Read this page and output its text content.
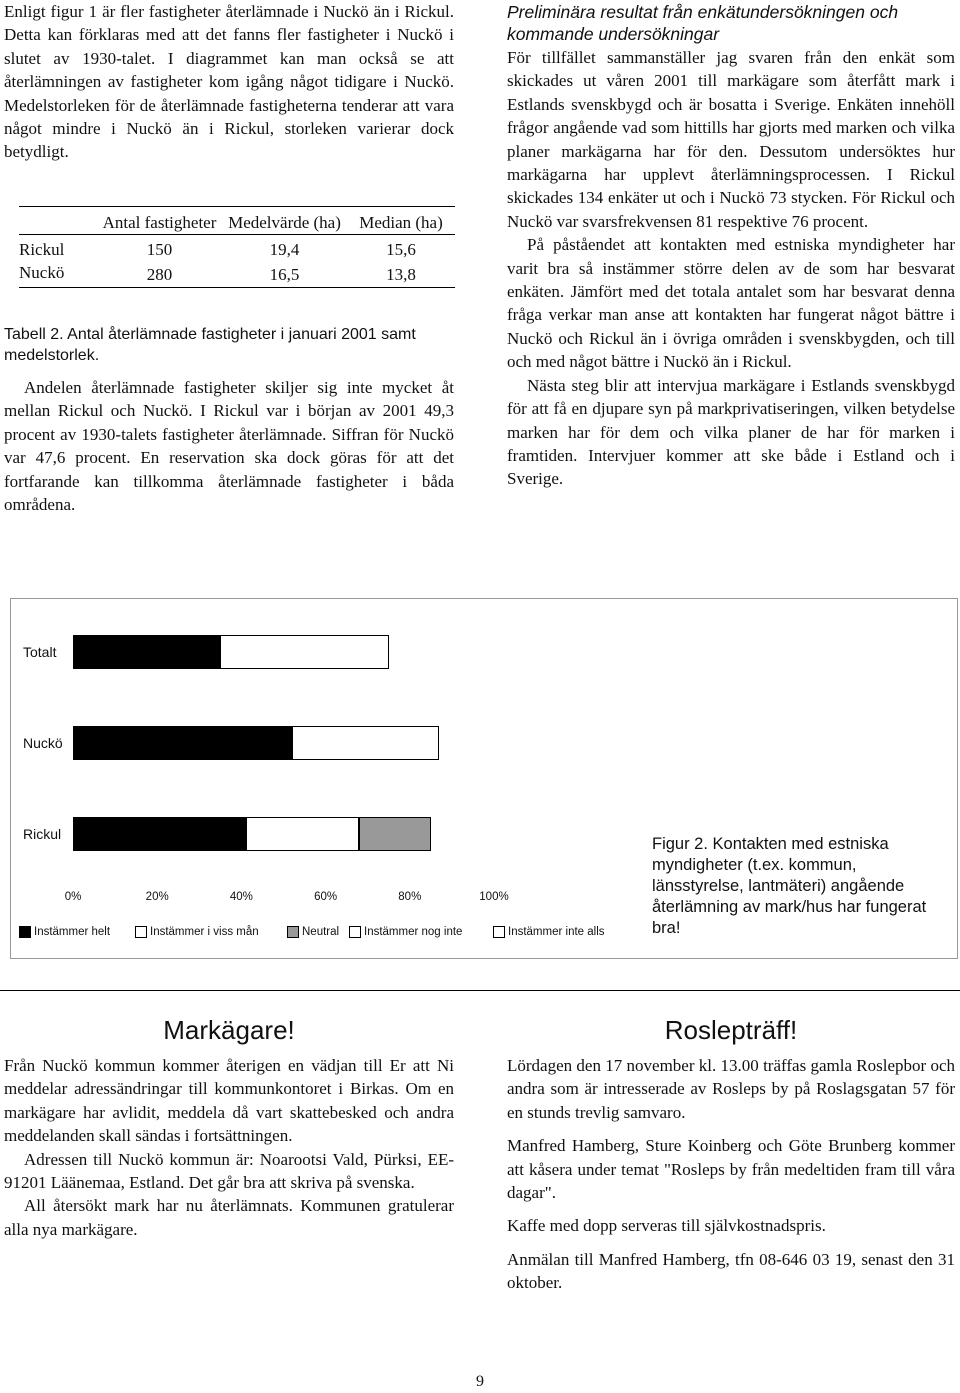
Enligt figur 1 är fler fastigheter återlämnade i Nuckö än i Rickul. Detta kan förklaras med att det fanns fler fastigheter i Nuckö i slutet av 1930-talet. I diagrammet kan man också se att återlämningen av fastigheter kom igång något tidigare i Nuckö. Medelstorleken för de återlämnade fastigheterna tenderar att vara något mindre i Nuckö än i Rickul, storleken varierar dock betydligt.

	Antal fastigheter	Medelvärde (ha)	Median (ha)
Rickul	150	19,4	15,6
Nuckö	280	16,5	13,8
Tabell 2. Antal återlämnade fastigheter i januari 2001 samt medelstorlek.

Andelen återlämnade fastigheter skiljer sig inte mycket åt mellan Rickul och Nuckö. I Rickul var i början av 2001 49,3 procent av 1930-talets fastigheter återlämnade. Siffran för Nuckö var 47,6 procent. En reservation ska dock göras för att det fortfarande kan tillkomma återlämnade fastigheter i båda områdena.

Preliminära resultat från enkätundersökningen och kommande undersökningar

För tillfället sammanställer jag svaren från den enkät som skickades ut våren 2001 till markägare som återfått mark i Estlands svenskbygd och är bosatta i Sverige. Enkäten innehöll frågor angående vad som hittills har gjorts med marken och vilka planer markägarna har för den. Dessutom undersöktes hur markägarna har upplevt återlämningsprocessen. I Rickul skickades 134 enkäter ut och i Nuckö 73 stycken. För Rickul och Nuckö var svarsfrekvensen 81 respektive 76 procent.

På påståendet att kontakten med estniska myndigheter har varit bra så instämmer större delen av de som har besvarat enkäten. Jämfört med det totala antalet som har besvarat denna fråga verkar man anse att kontakten har fungerat något bättre i Nuckö och Rickul än i övriga områden i svenskbygden, och till och med något bättre i Nuckö än i Rickul.

Nästa steg blir att intervjua markägare i Estlands svenskbygd för att få en djupare syn på markprivatiseringen, vilken betydelse marken har för dem och vilka planer de har för marken i framtiden. Intervjuer kommer att ske både i Estland och i Sverige.

Totalt
Nuckö
Rickul
0%	20%	40%	60%	80%	100%
Instämmer helt	Instämmer i viss mån	Neutral Instämmer nog inte	Instämmer inte alls
Figur 2. Kontakten med estniska myndigheter (t.ex. kommun, länsstyrelse, lantmäteri) angående återlämning av mark/hus har fungerat bra!
Markägare!

Från Nuckö kommun kommer återigen en vädjan till Er att Ni meddelar adressändringar till kommunkontoret i Birkas. Om en markägare har avlidit, meddela då vart skattebesked och andra meddelanden skall sändas i fortsättningen.

Adressen till Nuckö kommun är: Noarootsi Vald, Pürksi, EE-91201 Läänemaa, Estland. Det går bra att skriva på svenska.

All återsökt mark har nu återlämnats. Kommunen gratulerar alla nya markägare.

Roslepträff!

Lördagen den 17 november kl. 13.00 träffas gamla Roslepbor och andra som är intresserade av Rosleps by på Roslagsgatan 57 för en stunds trevlig samvaro.

Manfred Hamberg, Sture Koinberg och Göte Brunberg kommer att kåsera under temat "Rosleps by från medeltiden fram till våra dagar".

Kaffe med dopp serveras till självkostnadspris.

Anmälan till Manfred Hamberg, tfn 08-646 03 19, senast den 31 oktober.

9
